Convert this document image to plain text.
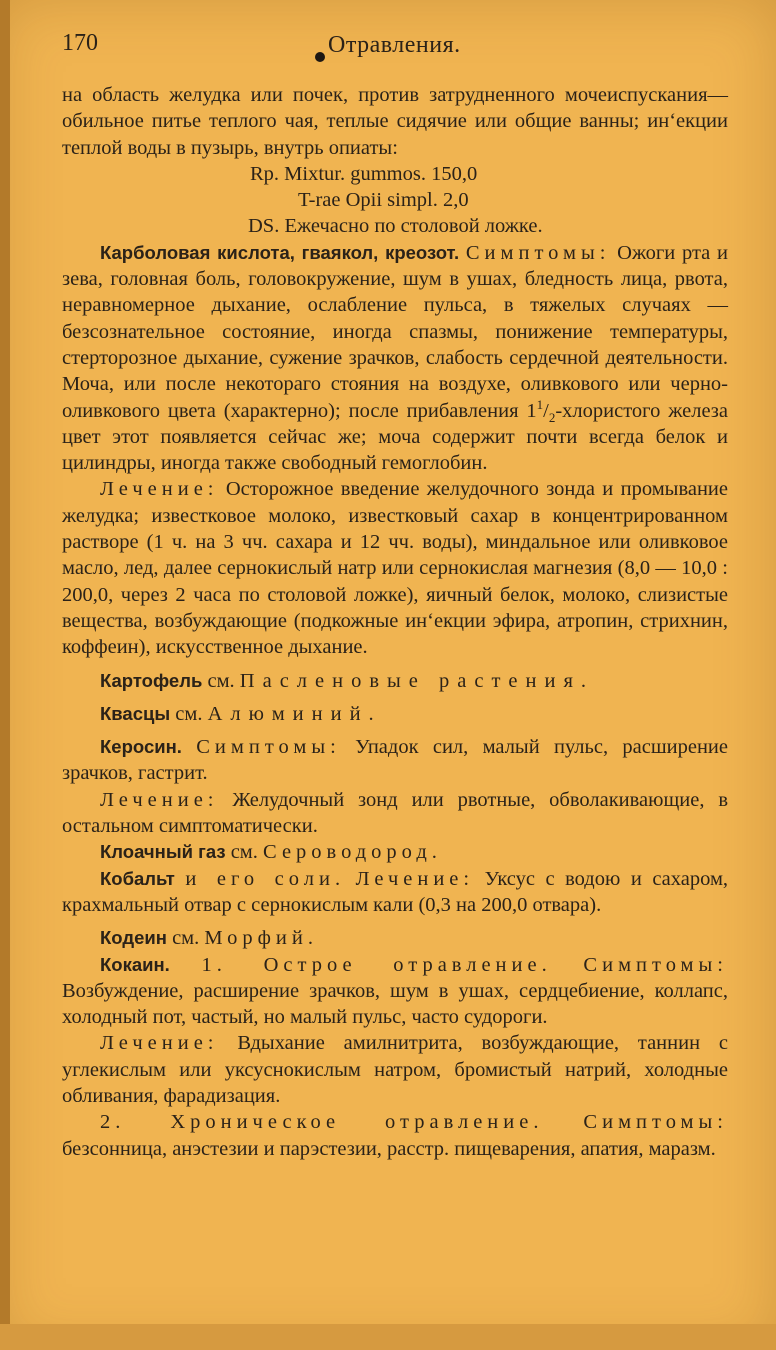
170	Отравления.

на область желудка или почек, против затрудненного мочеиспускания—обильное питье теплого чая, теплые сидячие или общие ванны; ин‘екции теплой воды в пузырь, внутрь опиаты:

Rp. Mixtur. gummos. 150,0

T-rae Opii simpl. 2,0

DS. Ежечасно по столовой ложке.

Карболовая кислота, гваякол, креозот. Симптомы: Ожоги рта и зева, головная боль, головокружение, шум в ушах, бледность лица, рвота, неравномерное дыхание, ослабление пульса, в тяжелых случаях — безсознательное состояние, иногда спазмы, понижение температуры, стерторозное дыхание, сужение зрачков, слабость сердечной деятельности. Моча, или после некотораго стояния на воздухе, оливкового или черно-оливкового цвета (характерно); после прибавления $1^1/_2$-хлористого железа цвет этот появляется сейчас же; моча содержит почти всегда белок и цилиндры, иногда также свободный гемоглобин.

Лечение: Осторожное введение желудочного зонда и промывание желудка; известковое молоко, известковый сахар в концентрированном растворе (1 ч. на 3 чч. сахара и 12 чч. воды), миндальное или оливковое масло, лед, далее сернокислый натр или сернокислая магнезия (8,0 — 10,0 : 200,0, через 2 часа по столовой ложке), яичный белок, молоко, слизистые вещества, возбуждающие (подкожные ин‘екции эфира, атропин, стрихнин, коффеин), искусственное дыхание.

Картофель см. Пасленовые растения.

Квасцы см. Алюминий.

Керосин. Симптомы: Упадок сил, малый пульс, расширение зрачков, гастрит.

Лечение: Желудочный зонд или рвотные, обволакивающие, в остальном симптоматически.

Клоачный газ см. Сероводород.

Кобальт и его соли. Лечение: Уксус с водою и сахаром, крахмальный отвар с сернокислым кали (0,3 на 200,0 отвара).

Кодеин см. Морфий.

Кокаин. 1. Острое отравление. Симптомы: Возбуждение, расширение зрачков, шум в ушах, сердцебиение, коллапс, холодный пот, частый, но малый пульс, часто судороги.

Лечение: Вдыхание амилнитрита, возбуждающие, таннин с углекислым или уксуснокислым натром, бромистый натрий, холодные обливания, фарадизация.

2. Хроническое отравление. Симптомы: безсонница, анэстезии и парэстезии, расстр. пищеварения, апатия, маразм.
